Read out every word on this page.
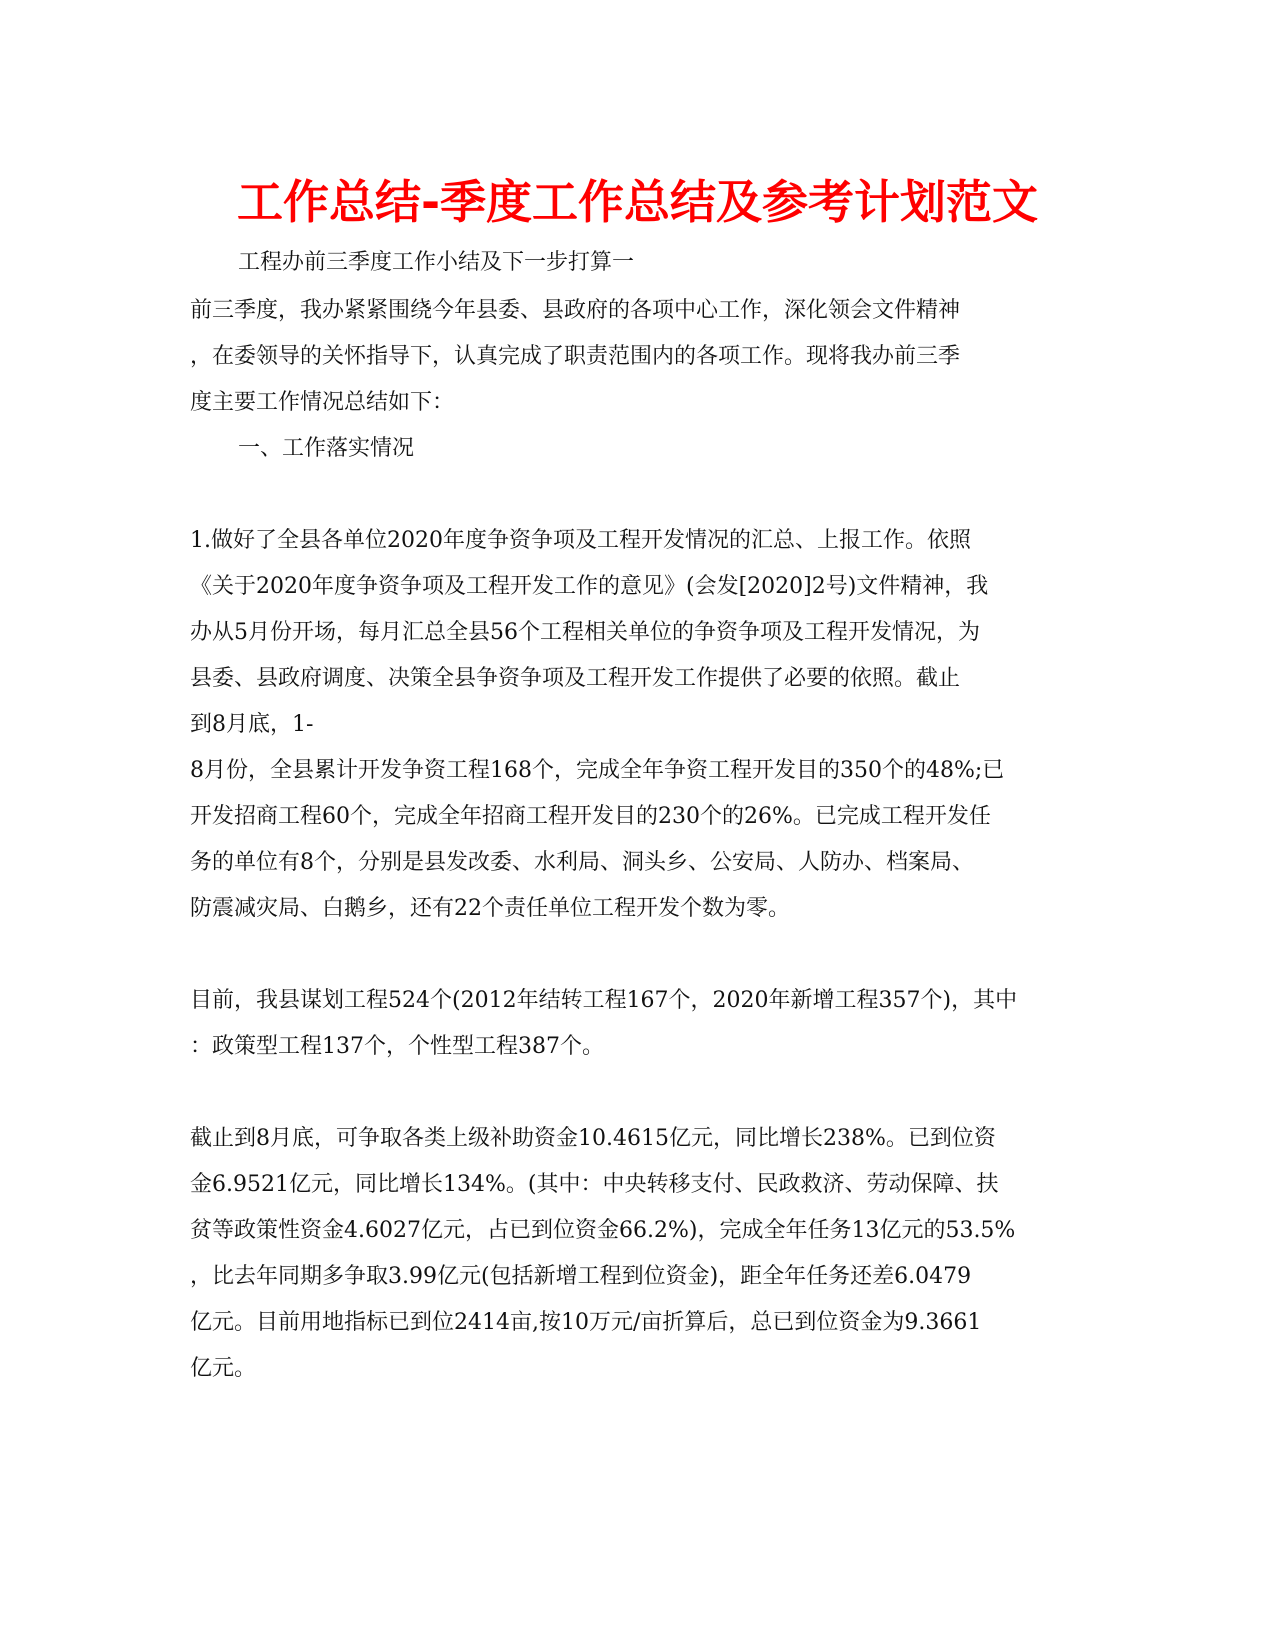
工作总结-季度工作总结及参考计划范文

工程办前三季度工作小结及下一步打算一

前三季度，我办紧紧围绕今年县委、县政府的各项中心工作，深化领会文件精神

，在委领导的关怀指导下，认真完成了职责范围内的各项工作。现将我办前三季

度主要工作情况总结如下：

一、工作落实情况

1.做好了全县各单位2020年度争资争项及工程开发情况的汇总、上报工作。依照

《关于2020年度争资争项及工程开发工作的意见》(会发[2020]2号)文件精神，我

办从5月份开场，每月汇总全县56个工程相关单位的争资争项及工程开发情况，为

县委、县政府调度、决策全县争资争项及工程开发工作提供了必要的依照。截止

到8月底，1-

8月份，全县累计开发争资工程168个，完成全年争资工程开发目的350个的48%;已

开发招商工程60个，完成全年招商工程开发目的230个的26%。已完成工程开发任

务的单位有8个，分别是县发改委、水利局、洞头乡、公安局、人防办、档案局、

防震减灾局、白鹅乡，还有22个责任单位工程开发个数为零。

目前，我县谋划工程524个(2012年结转工程167个，2020年新增工程357个)，其中

：政策型工程137个，个性型工程387个。

截止到8月底，可争取各类上级补助资金10.4615亿元，同比增长238%。已到位资

金6.9521亿元，同比增长134%。(其中：中央转移支付、民政救济、劳动保障、扶

贫等政策性资金4.6027亿元，占已到位资金66.2%)，完成全年任务13亿元的53.5%

，比去年同期多争取3.99亿元(包括新增工程到位资金)，距全年任务还差6.0479

亿元。目前用地指标已到位2414亩,按10万元/亩折算后，总已到位资金为9.3661

亿元。
